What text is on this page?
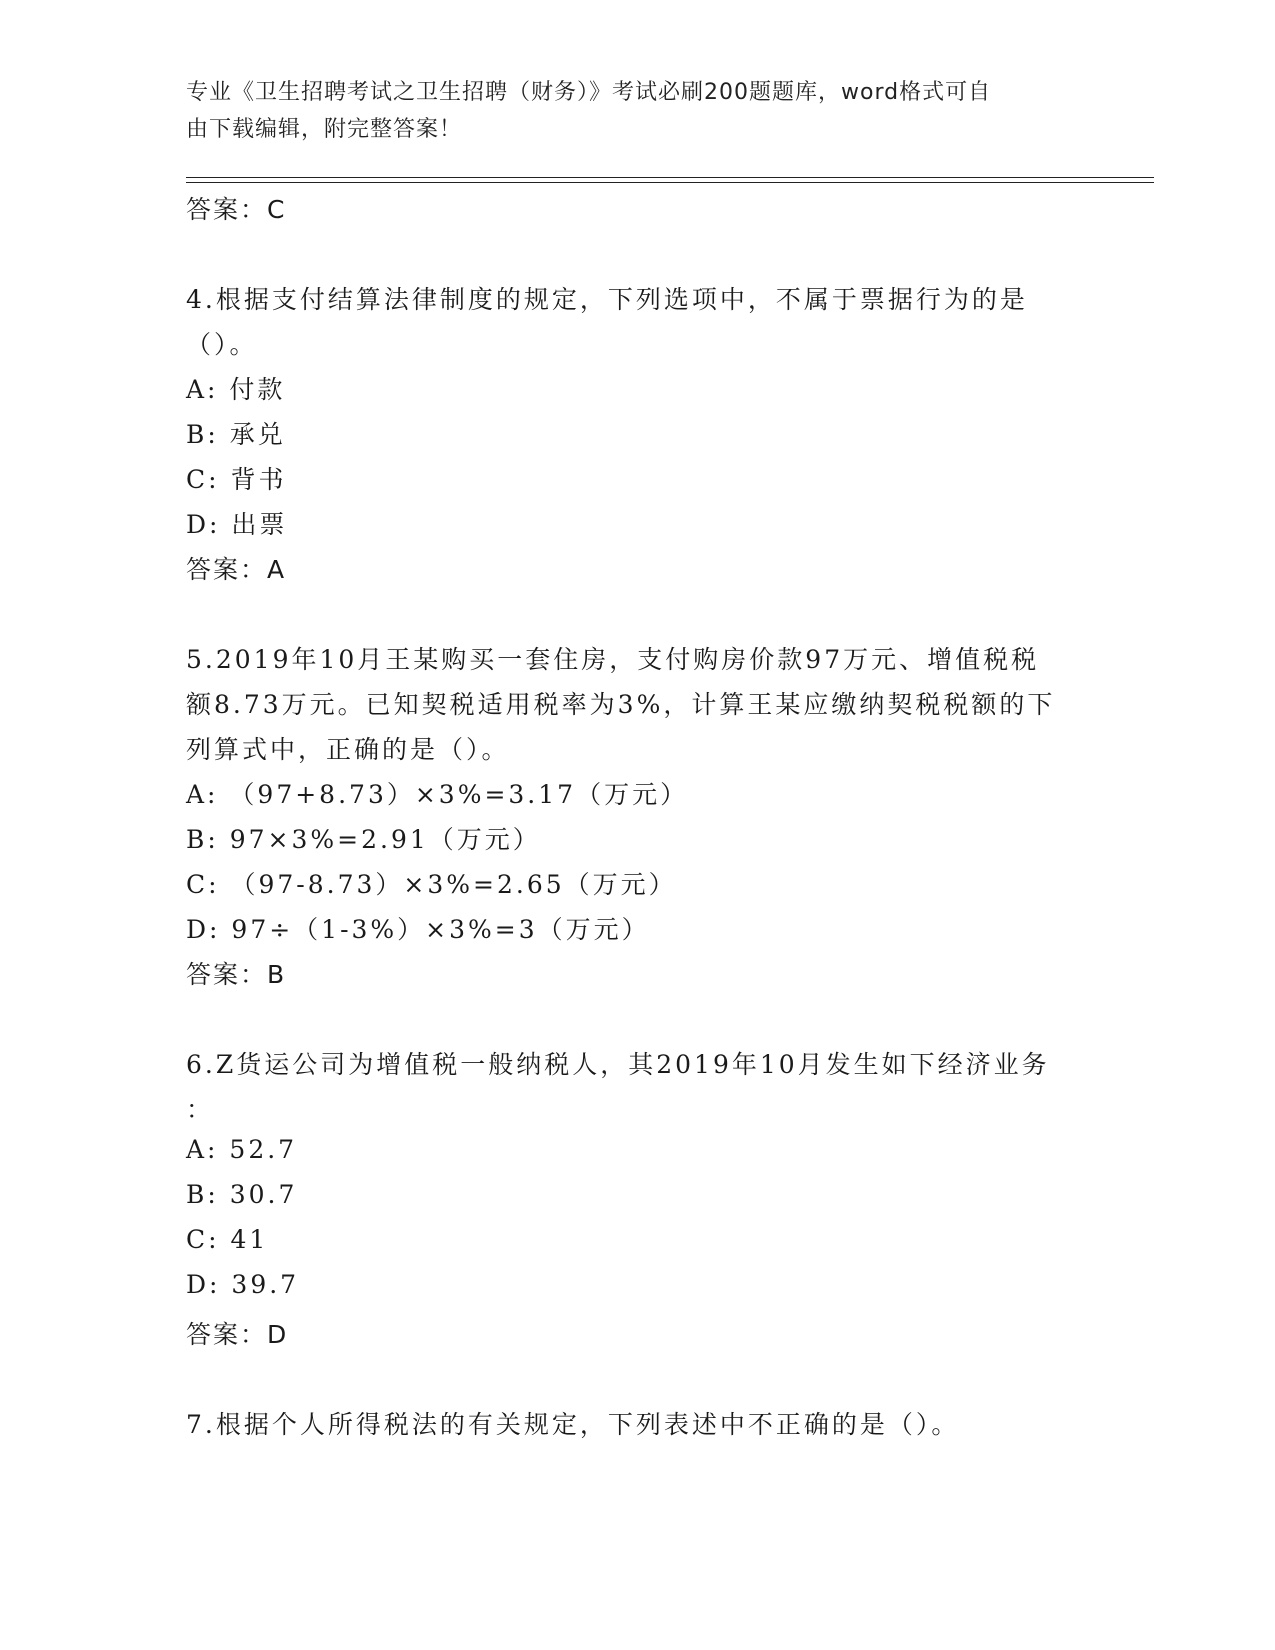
专业《卫生招聘考试之卫生招聘（财务）》考试必刷200题题库，word格式可自
由下载编辑，附完整答案！
答案：C
4.根据支付结算法律制度的规定，下列选项中，不属于票据行为的是
（）。
A: 付款
B: 承兑
C: 背书
D: 出票
答案：A
5.2019年10月王某购买一套住房，支付购房价款97万元、增值税税
额8.73万元。已知契税适用税率为3%，计算王某应缴纳契税税额的下
列算式中，正确的是（）。
A: （97+8.73）×3%=3.17（万元）
B: 97×3%=2.91（万元）
C: （97-8.73）×3%=2.65（万元）
D: 97÷（1-3%）×3%=3（万元）
答案：B
6.Z货运公司为增值税一般纳税人，其2019年10月发生如下经济业务
：
A: 52.7
B: 30.7
C: 41
D: 39.7
答案：D
7.根据个人所得税法的有关规定，下列表述中不正确的是（）。
